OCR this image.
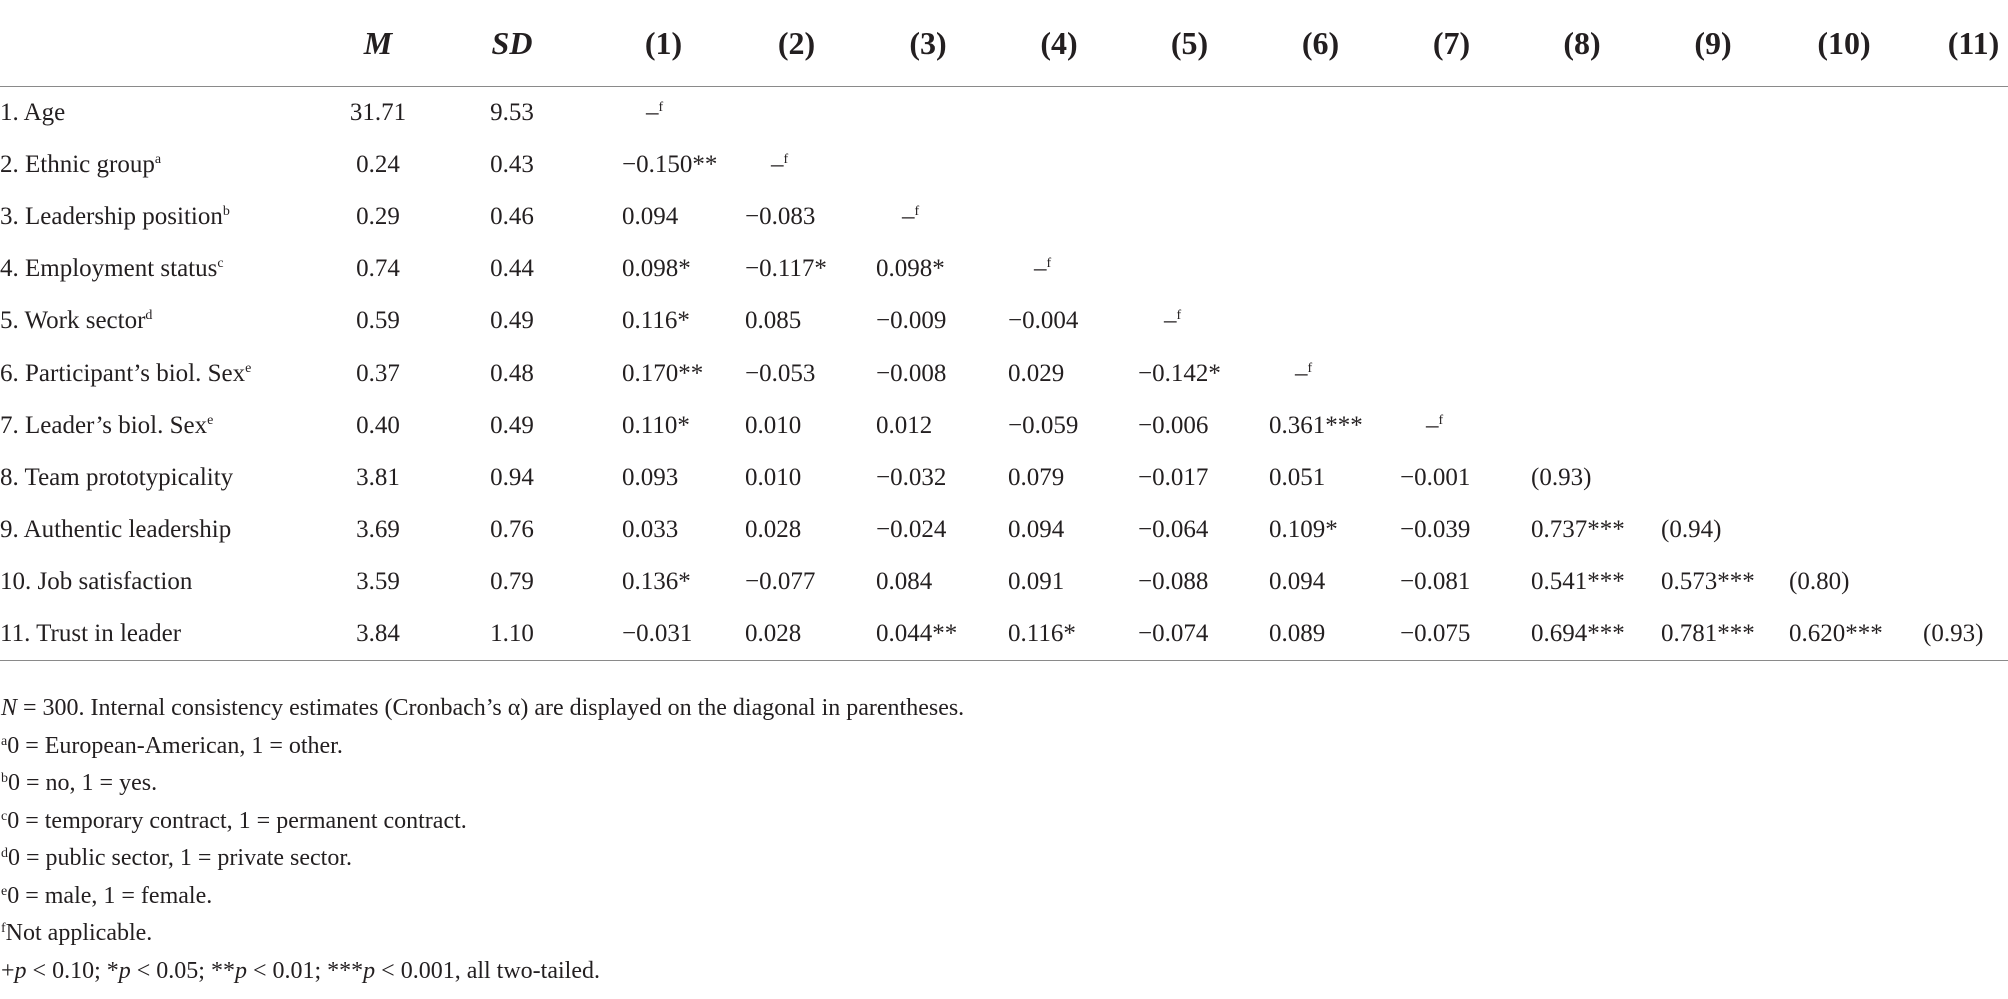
	M	SD	(1)	(2)	(3)	(4)	(5)	(6)	(7)	(8)	(9)	(10)	(11)
1. Age	31.71	9.53	–$^f$										
2. Ethnic group$^a$	0.24	0.43	−0.150**	–$^f$									
3. Leadership position$^b$	0.29	0.46	0.094	−0.083	–$^f$								
4. Employment status$^c$	0.74	0.44	0.098*	−0.117*	0.098*	–$^f$							
5. Work sector$^d$	0.59	0.49	0.116*	0.085	−0.009	−0.004	–$^f$						
6. Participant’s biol. Sex$^e$	0.37	0.48	0.170**	−0.053	−0.008	0.029	−0.142*	–$^f$					
7. Leader’s biol. Sex$^e$	0.40	0.49	0.110*	0.010	0.012	−0.059	−0.006	0.361***	–$^f$				
8. Team prototypicality	3.81	0.94	0.093	0.010	−0.032	0.079	−0.017	0.051	−0.001	(0.93)			
9. Authentic leadership	3.69	0.76	0.033	0.028	−0.024	0.094	−0.064	0.109*	−0.039	0.737***	(0.94)		
10. Job satisfaction	3.59	0.79	0.136*	−0.077	0.084	0.091	−0.088	0.094	−0.081	0.541***	0.573***	(0.80)	
11. Trust in leader	3.84	1.10	−0.031	0.028	0.044**	0.116*	−0.074	0.089	−0.075	0.694***	0.781***	0.620***	(0.93)
N = 300. Internal consistency estimates (Cronbach’s α) are displayed on the diagonal in parentheses.
$^a$0 = European-American, 1 = other.
$^b$0 = no, 1 = yes.
$^c$0 = temporary contract, 1 = permanent contract.
$^d$0 = public sector, 1 = private sector.
$^e$0 = male, 1 = female.
$^f$Not applicable.
+p < 0.10; *p < 0.05; **p < 0.01; ***p < 0.001, all two-tailed.
